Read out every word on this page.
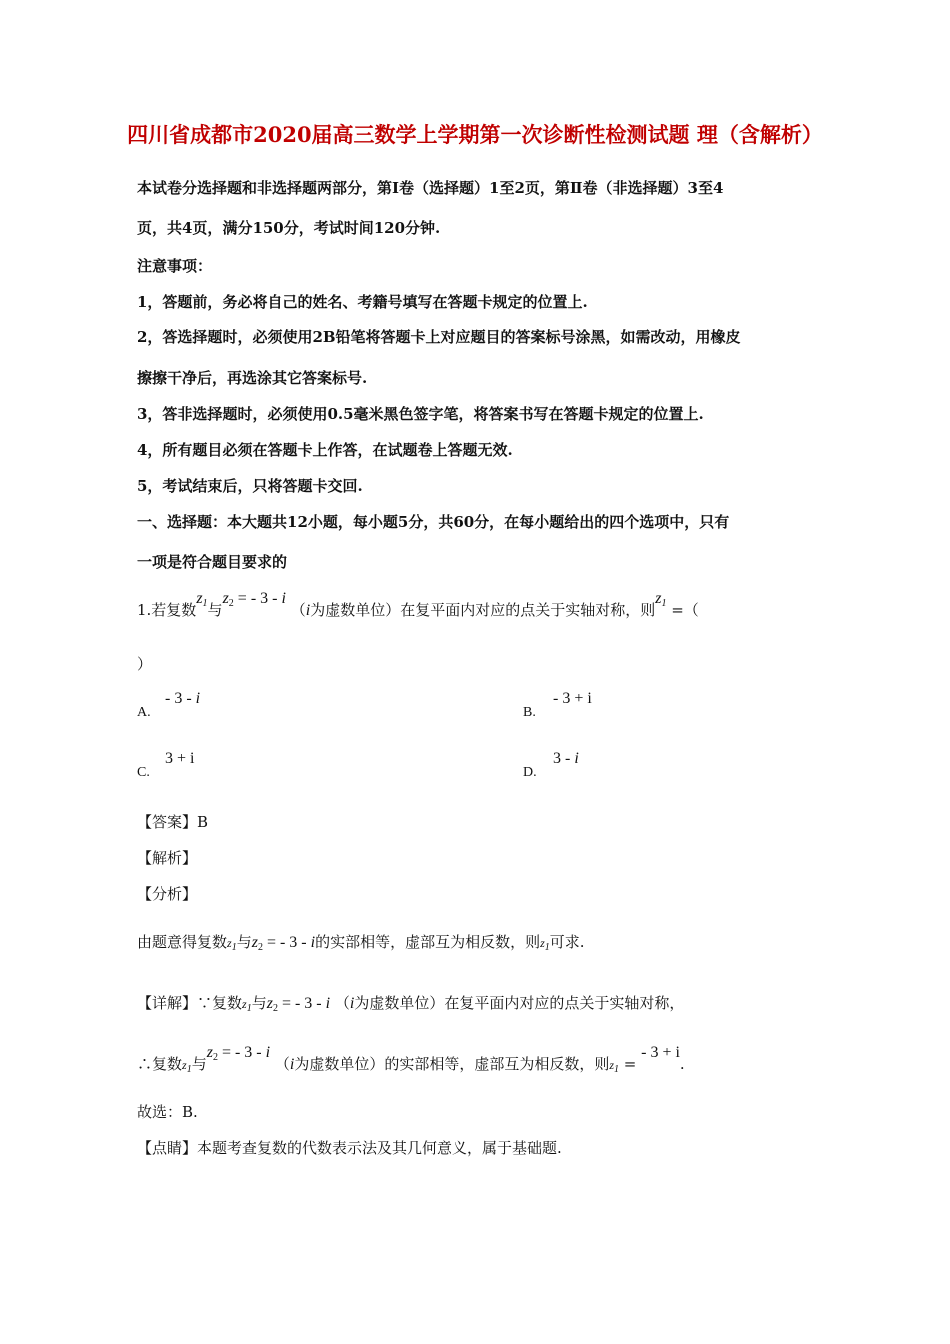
四川省成都市2020届高三数学上学期第一次诊断性检测试题 理（含解析）
本试卷分选择题和非选择题两部分，第Ⅰ卷（选择题）1至2页，第Ⅱ卷（非选择题）3至4
页，共4页，满分150分，考试时间120分钟.
注意事项：
1，答题前，务必将自己的姓名、考籍号填写在答题卡规定的位置上.
2，答选择题时，必须使用2B铅笔将答题卡上对应题目的答案标号涂黑，如需改动，用橡皮
擦擦干净后，再选涂其它答案标号.
3，答非选择题时，必须使用0.5毫米黑色签字笔，将答案书写在答题卡规定的位置上.
4，所有题目必须在答题卡上作答，在试题卷上答题无效.
5，考试结束后，只将答题卡交回.
一、选择题：本大题共12小题，每小题5分，共60分，在每小题给出的四个选项中，只有
一项是符合题目要求的
1.若复数$z_1$与$z_2$ = - 3 - i （i为虚数单位）在复平面内对应的点关于实轴对称，则$z_1$ =（
）
A.
- 3 - i
B.
- 3 + i
C.
3 + i
D.
3 - i
【答案】B
【解析】
【分析】
由题意得复数$z_1$与$z_2$ = - 3 - i的实部相等，虚部互为相反数，则$z_1$可求.
【详解】∵复数$z_1$与$z_2$ = - 3 - i （i为虚数单位）在复平面内对应的点关于实轴对称，
∴复数$z_1$与$z_2$ = - 3 - i （i为虚数单位）的实部相等，虚部互为相反数，则$z_1$ = - 3 + i.
故选：B.
【点睛】本题考查复数的代数表示法及其几何意义，属于基础题.
